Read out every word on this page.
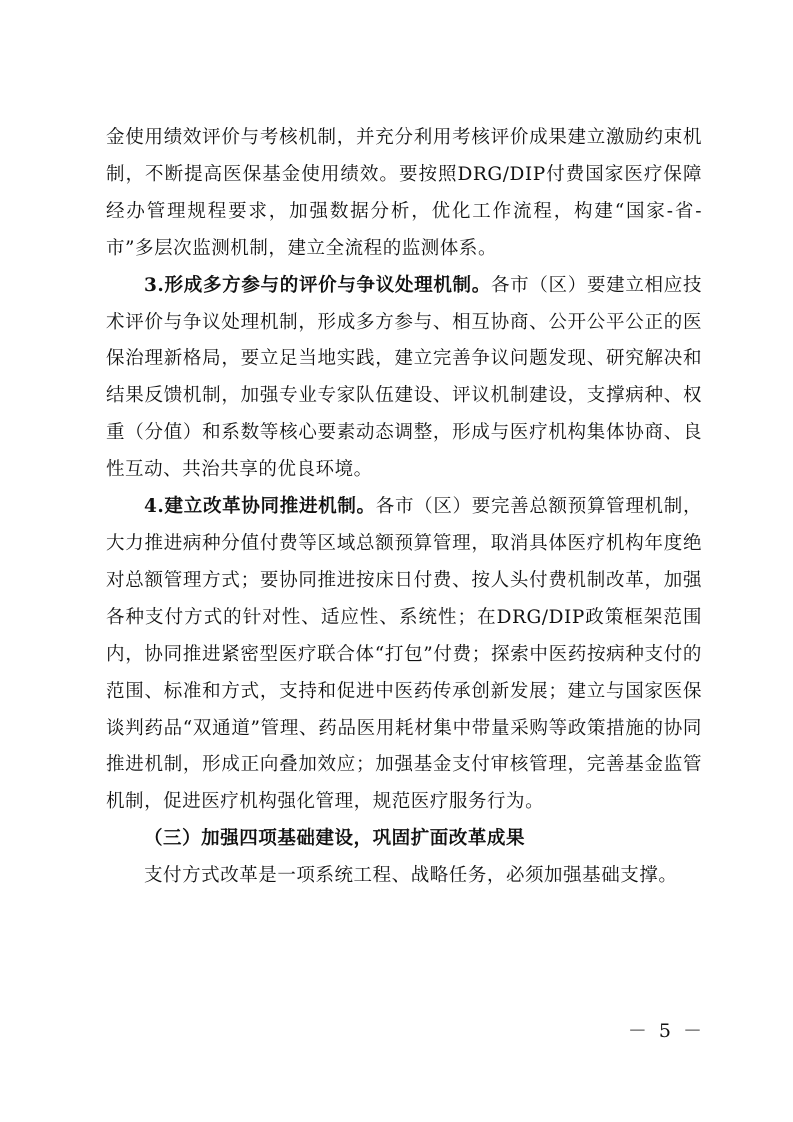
金使用绩效评价与考核机制，并充分利用考核评价成果建立激励约束机制，不断提高医保基金使用绩效。要按照DRG/DIP付费国家医疗保障经办管理规程要求，加强数据分析，优化工作流程，构建“国家-省-市”多层次监测机制，建立全流程的监测体系。

3.形成多方参与的评价与争议处理机制。各市（区）要建立相应技术评价与争议处理机制，形成多方参与、相互协商、公开公平公正的医保治理新格局，要立足当地实践，建立完善争议问题发现、研究解决和结果反馈机制，加强专业专家队伍建设、评议机制建设，支撑病种、权重（分值）和系数等核心要素动态调整，形成与医疗机构集体协商、良性互动、共治共享的优良环境。

4.建立改革协同推进机制。各市（区）要完善总额预算管理机制，大力推进病种分值付费等区域总额预算管理，取消具体医疗机构年度绝对总额管理方式；要协同推进按床日付费、按人头付费机制改革，加强各种支付方式的针对性、适应性、系统性；在DRG/DIP政策框架范围内，协同推进紧密型医疗联合体“打包”付费；探索中医药按病种支付的范围、标准和方式，支持和促进中医药传承创新发展；建立与国家医保谈判药品“双通道”管理、药品医用耗材集中带量采购等政策措施的协同推进机制，形成正向叠加效应；加强基金支付审核管理，完善基金监管机制，促进医疗机构强化管理，规范医疗服务行为。

（三）加强四项基础建设，巩固扩面改革成果

支付方式改革是一项系统工程、战略任务，必须加强基础支撑。

－ 5 －
